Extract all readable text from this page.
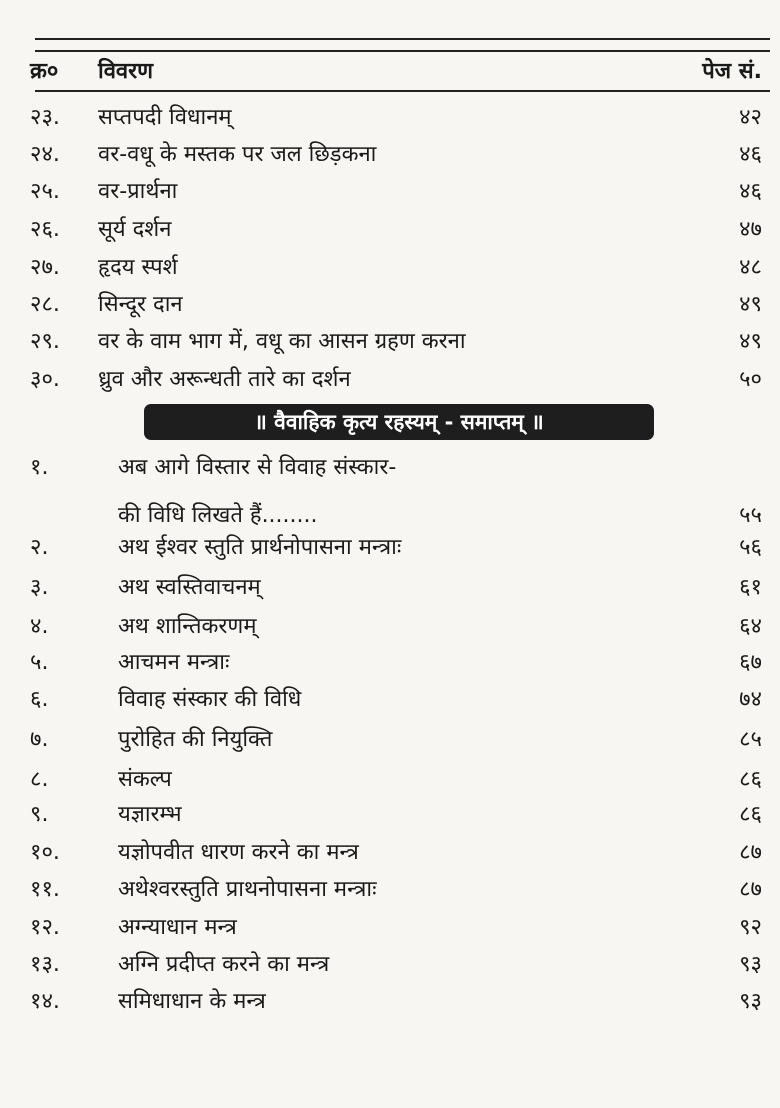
क्र० विवरण	पेज सं.
२३. सप्तपदी विधानम्	४२
२४. वर-वधू के मस्तक पर जल छिड़कना	४६
२५. वर-प्रार्थना	४६
२६. सूर्य दर्शन	४७
२७. हृदय स्पर्श	४८
२८. सिन्दूर दान	४९
२९. वर के वाम भाग में, वधू का आसन ग्रहण करना	४९
३०. ध्रुव और अरून्धती तारे का दर्शन	५०
॥ वैवाहिक कृत्य रहस्यम् - समाप्तम् ॥
१.	अब आगे विस्तार से विवाह संस्कार-
की विधि लिखते हैं........	५५
२.	अथ ईश्वर स्तुति प्रार्थनोपासना मन्त्राः	५६
३.	अथ स्वस्तिवाचनम्	६१
४.	अथ शान्तिकरणम्	६४
५.	आचमन मन्त्राः	६७
६.	विवाह संस्कार की विधि	७४
७.	पुरोहित की नियुक्ति	८५
८.	संकल्प	८६
९.	यज्ञारम्भ	८६
१०.	यज्ञोपवीत धारण करने का मन्त्र	८७
११.	अथेश्वरस्तुति प्राथनोपासना मन्त्राः	८७
१२.	अग्न्याधान मन्त्र	९२
१३.	अग्नि प्रदीप्त करने का मन्त्र	९३
१४.	समिधाधान के मन्त्र	९३
